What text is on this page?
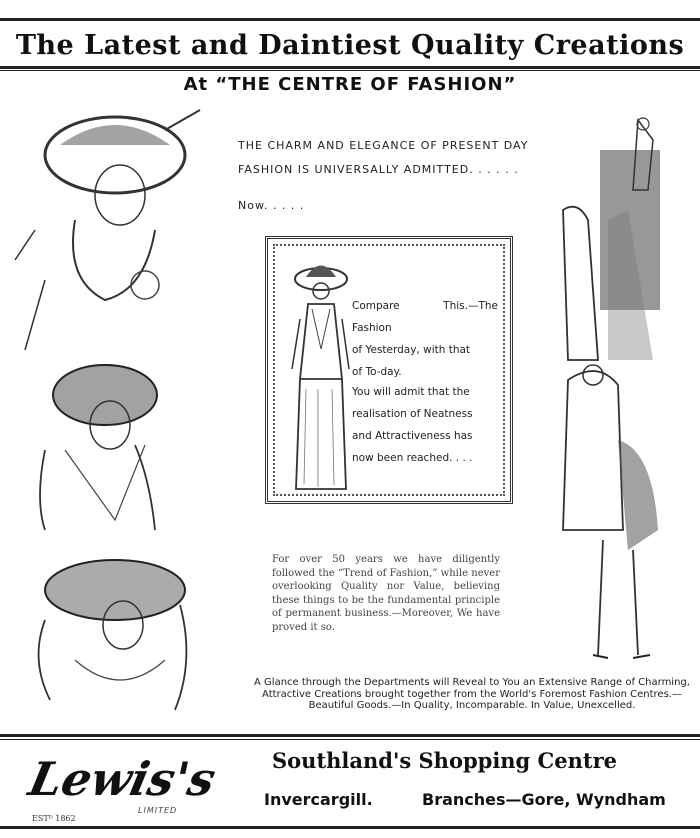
The Latest and Daintiest Quality Creations
At “THE CENTRE OF FASHION”
THE CHARM AND ELEGANCE OF PRESENT DAY
FASHION IS UNIVERSALLY ADMITTED. . . . . .
Now. . . . .
Compare This.—The Fashion
of Yesterday, with that
of To-day.
You will admit that the
realisation of Neatness
and Attractiveness has
now been reached. . . .
For over 50 years we have diligently followed the “Trend of Fashion,” while never overlooking Quality nor Value, believing these things to be the fundamental principle of permanent business.—Moreover, We have proved it so.
A Glance through the Departments will Reveal to You an Extensive Range of Charming, Attractive Creations brought together from the World's Foremost Fashion Centres.—Beautiful Goods.—In Quality, Incomparable. In Value, Unexcelled.
Lewis's
LIMITED
ESTᴰ 1862
Southland's Shopping Centre
Invercargill.	Branches—Gore, Wyndham
